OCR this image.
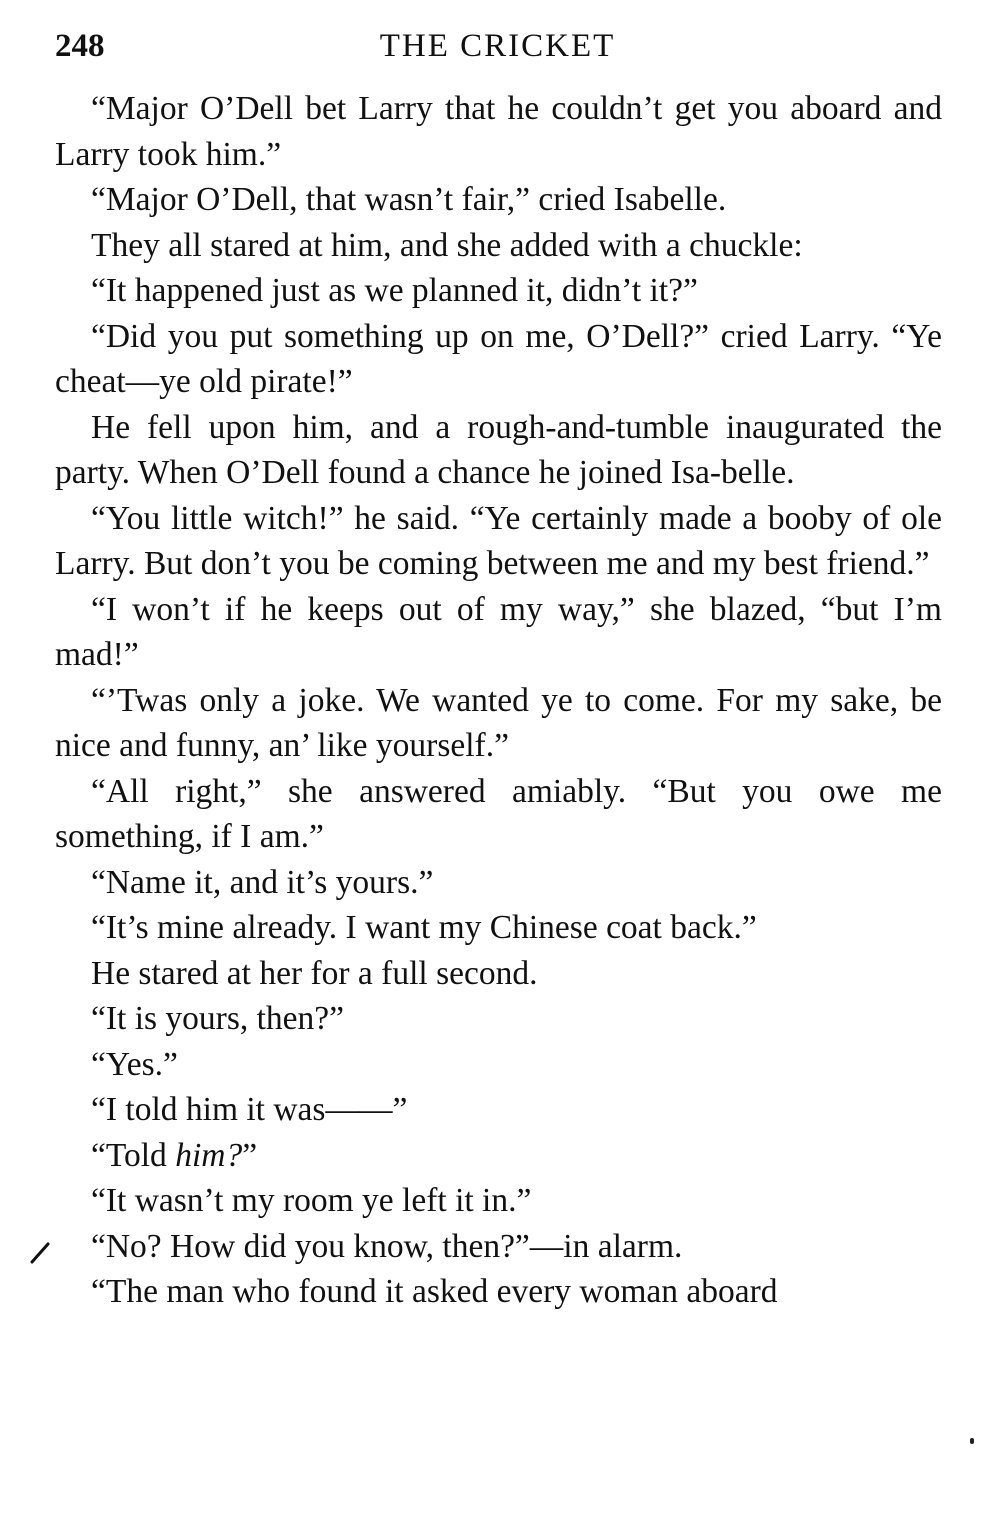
248	THE CRICKET

“Major O’Dell bet Larry that he couldn’t get you aboard and Larry took him.”

“Major O’Dell, that wasn’t fair,” cried Isabelle.

They all stared at him, and she added with a chuckle:

“It happened just as we planned it, didn’t it?”

“Did you put something up on me, O’Dell?” cried Larry. “Ye cheat—ye old pirate!”

He fell upon him, and a rough-and-tumble inaugurated the party. When O’Dell found a chance he joined Isa-belle.

“You little witch!” he said. “Ye certainly made a booby of ole Larry. But don’t you be coming between me and my best friend.”

“I won’t if he keeps out of my way,” she blazed, “but I’m mad!”

“’Twas only a joke. We wanted ye to come. For my sake, be nice and funny, an’ like yourself.”

“All right,” she answered amiably. “But you owe me something, if I am.”

“Name it, and it’s yours.”

“It’s mine already. I want my Chinese coat back.”

He stared at her for a full second.

“It is yours, then?”

“Yes.”

“I told him it was——”

“Told him?”

“It wasn’t my room ye left it in.”

“No? How did you know, then?”—in alarm.

“The man who found it asked every woman aboard
